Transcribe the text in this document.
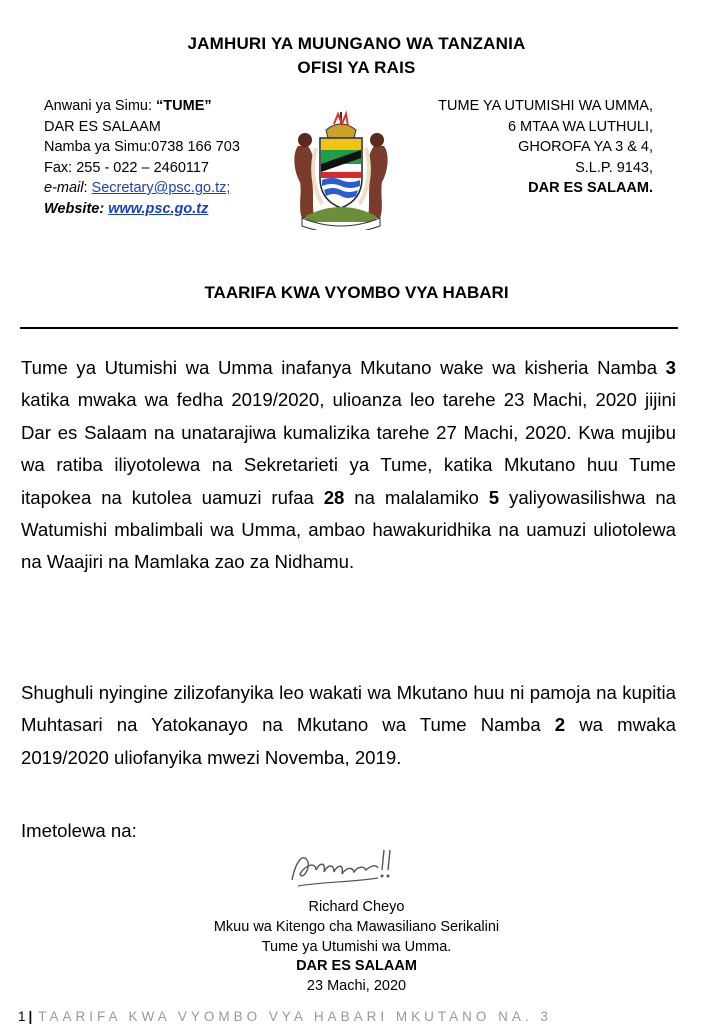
JAMHURI YA MUUNGANO WA TANZANIA
OFISI YA RAIS
Anwani ya Simu: “TUME”
DAR ES SALAAM
Namba ya Simu:0738 166 703
Fax: 255 - 022 – 2460117
e-mail: Secretary@psc.go.tz;
Website: www.psc.go.tz
TUME YA UTUMISHI WA UMMA,
6 MTAA WA LUTHULI,
GHOROFA YA 3 & 4,
S.L.P. 9143,
DAR ES SALAAM.
TAARIFA KWA VYOMBO VYA HABARI
Tume ya Utumishi wa Umma inafanya Mkutano wake wa kisheria Namba 3 katika mwaka wa fedha 2019/2020, ulioanza leo tarehe 23 Machi, 2020 jijini Dar es Salaam na unatarajiwa kumalizika tarehe 27 Machi, 2020. Kwa mujibu wa ratiba iliyotolewa na Sekretarieti ya Tume, katika Mkutano huu Tume itapokea na kutolea uamuzi rufaa 28 na malalamiko 5 yaliyowasilishwa na Watumishi mbalimbali wa Umma, ambao hawakuridhika na uamuzi uliotolewa na Waajiri na Mamlaka zao za Nidhamu.
Shughuli nyingine zilizofanyika leo wakati wa Mkutano huu ni pamoja na kupitia Muhtasari na Yatokanayo na Mkutano wa Tume Namba 2 wa mwaka 2019/2020 uliofanyika mwezi Novemba, 2019.
Imetolewa na:
Richard Cheyo
Mkuu wa Kitengo cha Mawasiliano Serikalini
Tume ya Utumishi wa Umma.
DAR ES SALAAM
23 Machi, 2020
1 | TAARIFA KWA VYOMBO VYA HABARI MKUTANO NA. 3
